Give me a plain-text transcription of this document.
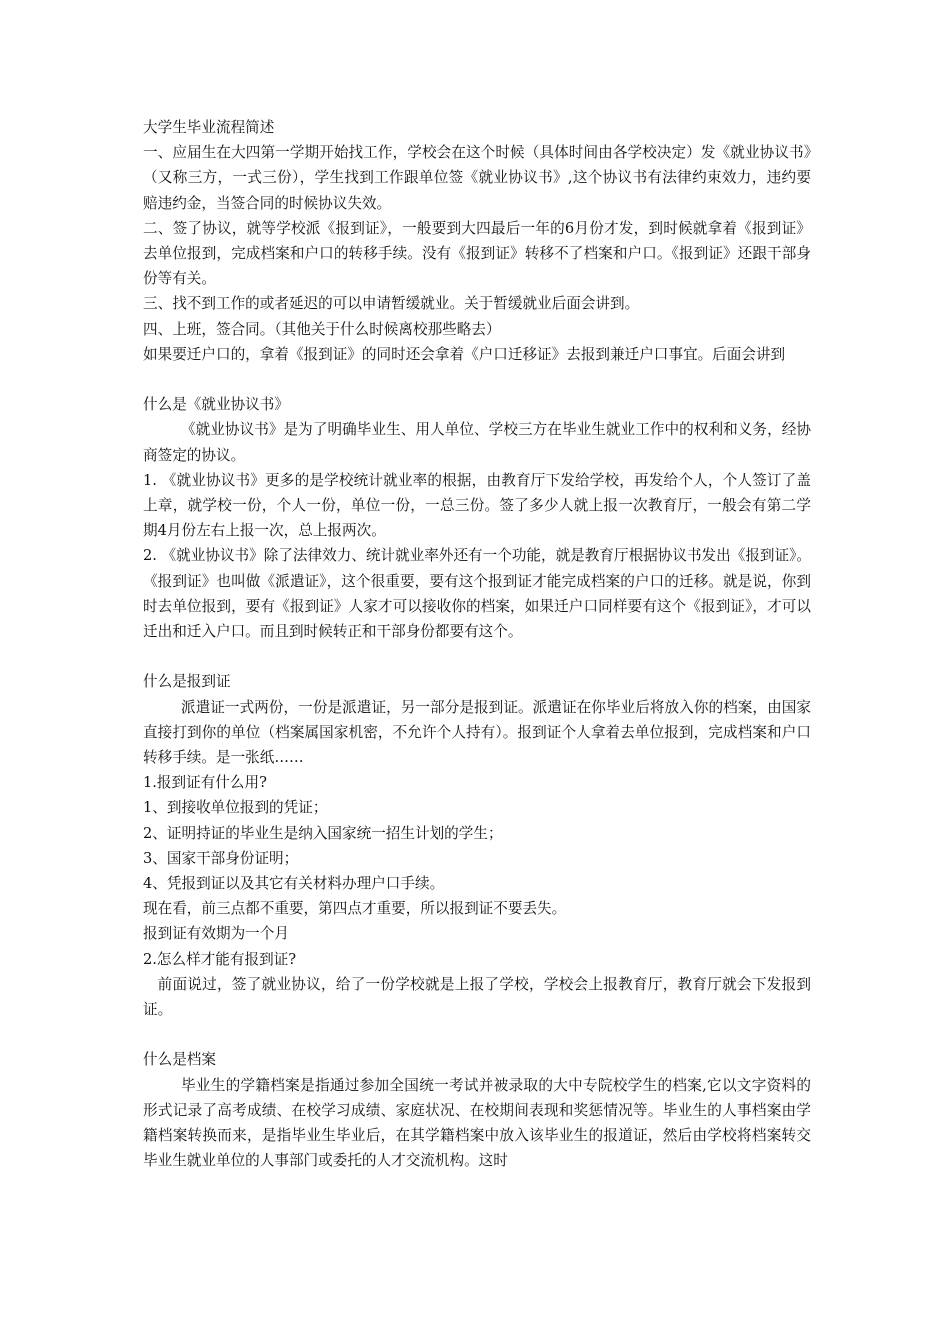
大学生毕业流程简述

一、应届生在大四第一学期开始找工作，学校会在这个时候（具体时间由各学校决定）发《就业协议书》（又称三方，一式三份），学生找到工作跟单位签《就业协议书》,这个协议书有法律约束效力，违约要赔违约金，当签合同的时候协议失效。

二、签了协议，就等学校派《报到证》，一般要到大四最后一年的6月份才发，到时候就拿着《报到证》去单位报到，完成档案和户口的转移手续。没有《报到证》转移不了档案和户口。《报到证》还跟干部身份等有关。

三、找不到工作的或者延迟的可以申请暂缓就业。关于暂缓就业后面会讲到。

四、上班，签合同。（其他关于什么时候离校那些略去）

如果要迁户口的，拿着《报到证》的同时还会拿着《户口迁移证》去报到兼迁户口事宜。后面会讲到

什么是《就业协议书》

《就业协议书》是为了明确毕业生、用人单位、学校三方在毕业生就业工作中的权利和义务，经协商签定的协议。

1. 《就业协议书》更多的是学校统计就业率的根据，由教育厅下发给学校，再发给个人，个人签订了盖上章，就学校一份，个人一份，单位一份，一总三份。签了多少人就上报一次教育厅，一般会有第二学期4月份左右上报一次，总上报两次。

2. 《就业协议书》除了法律效力、统计就业率外还有一个功能，就是教育厅根据协议书发出《报到证》。《报到证》也叫做《派遣证》，这个很重要，要有这个报到证才能完成档案的户口的迁移。就是说，你到时去单位报到，要有《报到证》人家才可以接收你的档案，如果迁户口同样要有这个《报到证》，才可以迁出和迁入户口。而且到时候转正和干部身份都要有这个。

什么是报到证

派遣证一式两份，一份是派遣证，另一部分是报到证。派遣证在你毕业后将放入你的档案，由国家直接打到你的单位（档案属国家机密，不允许个人持有）。报到证个人拿着去单位报到，完成档案和户口转移手续。是一张纸……

1.报到证有什么用?

1、到接收单位报到的凭证；

2、证明持证的毕业生是纳入国家统一招生计划的学生；

3、国家干部身份证明；

4、凭报到证以及其它有关材料办理户口手续。

现在看，前三点都不重要，第四点才重要，所以报到证不要丢失。

报到证有效期为一个月

2.怎么样才能有报到证?

前面说过，签了就业协议，给了一份学校就是上报了学校，学校会上报教育厅，教育厅就会下发报到证。

什么是档案

毕业生的学籍档案是指通过参加全国统一考试并被录取的大中专院校学生的档案,它以文字资料的形式记录了高考成绩、在校学习成绩、家庭状况、在校期间表现和奖惩情况等。毕业生的人事档案由学籍档案转换而来，是指毕业生毕业后，在其学籍档案中放入该毕业生的报道证，然后由学校将档案转交毕业生就业单位的人事部门或委托的人才交流机构。这时
